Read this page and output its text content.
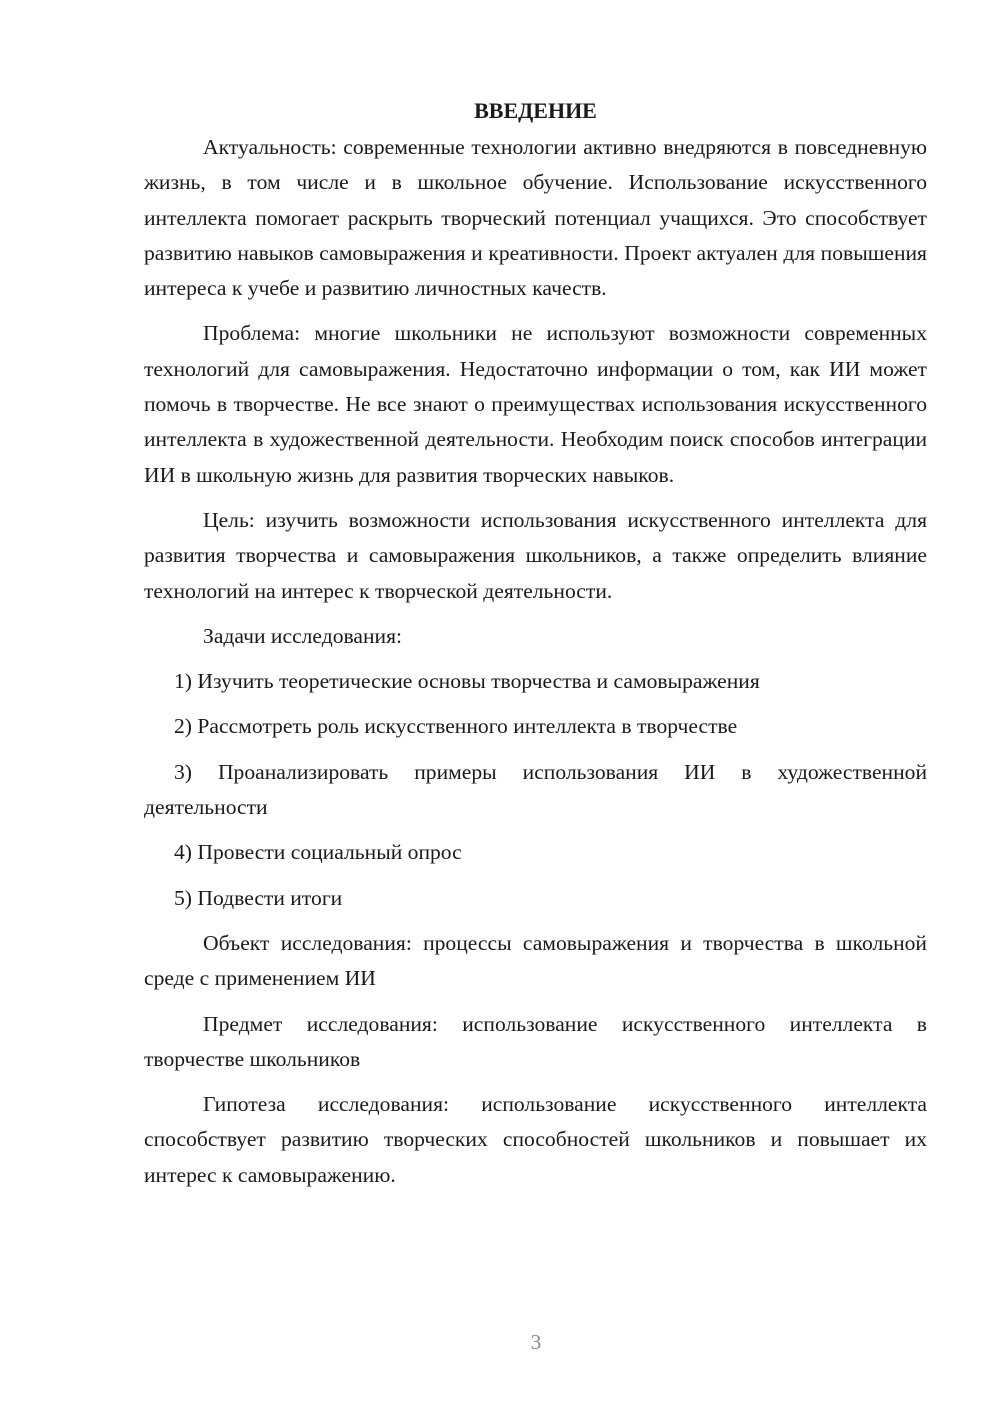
ВВЕДЕНИЕ

Актуальность: современные технологии активно внедряются в повседневную жизнь, в том числе и в школьное обучение. Использование искусственного интеллекта помогает раскрыть творческий потенциал учащихся. Это способствует развитию навыков самовыражения и креативности. Проект актуален для повышения интереса к учебе и развитию личностных качеств.

Проблема: многие школьники не используют возможности современных технологий для самовыражения. Недостаточно информации о том, как ИИ может помочь в творчестве. Не все знают о преимуществах использования искусственного интеллекта в художественной деятельности. Необходим поиск способов интеграции ИИ в школьную жизнь для развития творческих навыков.

Цель: изучить возможности использования искусственного интеллекта для развития творчества и самовыражения школьников, а также определить влияние технологий на интерес к творческой деятельности.

Задачи исследования:

1) Изучить теоретические основы творчества и самовыражения

2) Рассмотреть роль искусственного интеллекта в творчестве

3) Проанализировать примеры использования ИИ в художественной деятельности

4) Провести социальный опрос

5) Подвести итоги

Объект исследования: процессы самовыражения и творчества в школьной среде с применением ИИ

Предмет исследования: использование искусственного интеллекта в творчестве школьников

Гипотеза исследования: использование искусственного интеллекта способствует развитию творческих способностей школьников и повышает их интерес к самовыражению.

3
